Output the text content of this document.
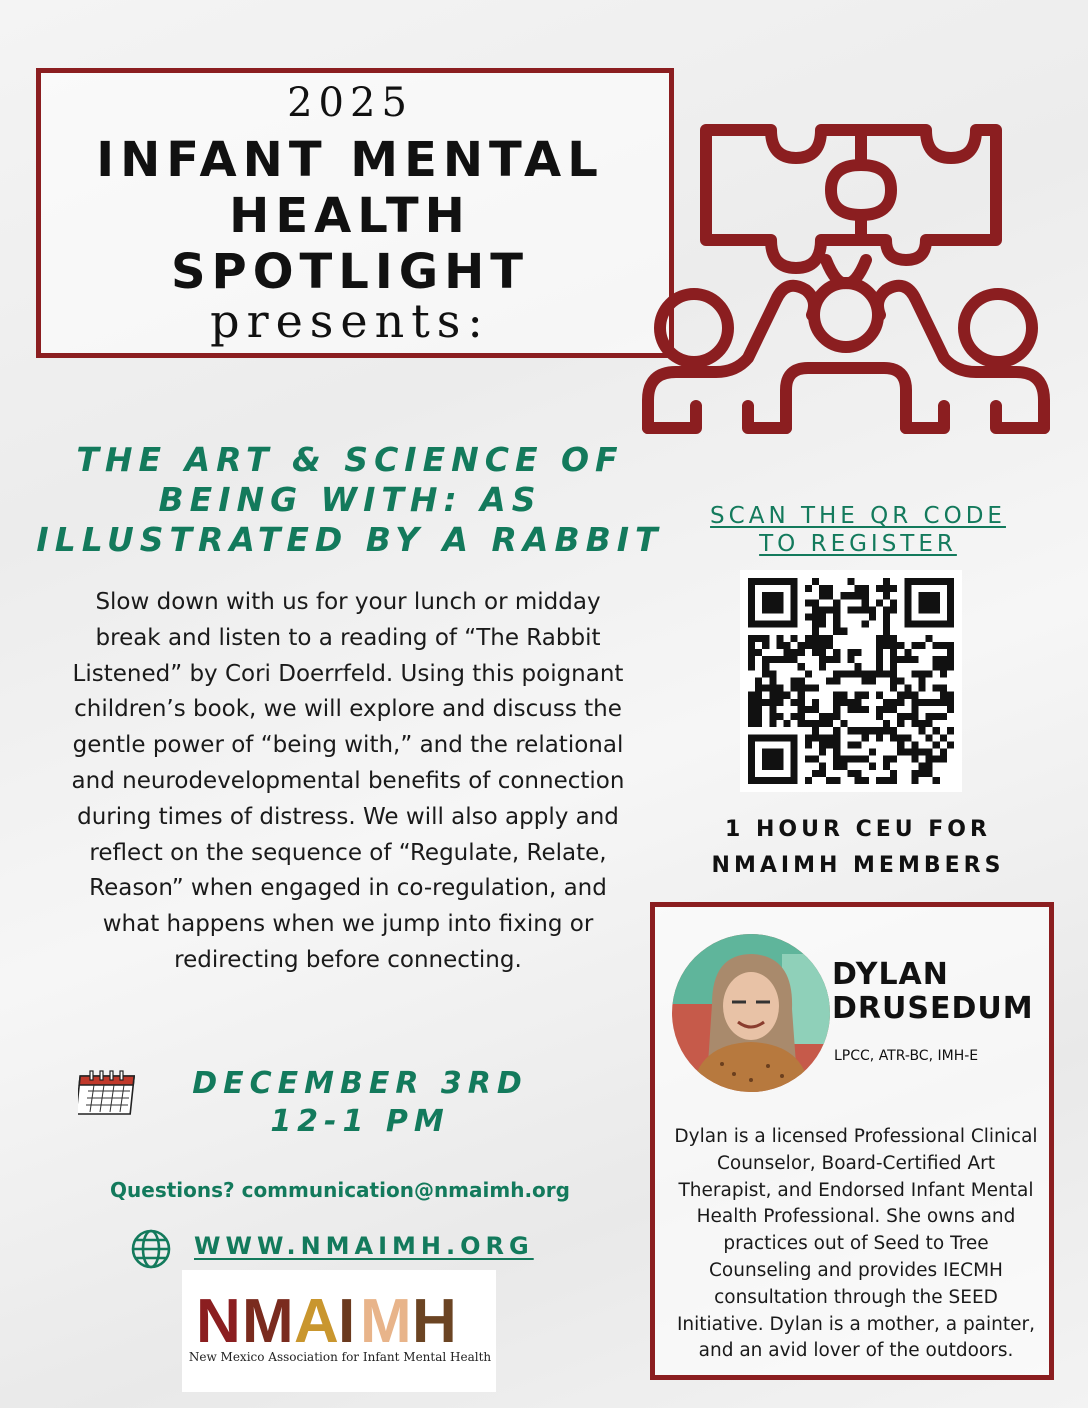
2025
INFANT MENTAL
HEALTH
SPOTLIGHT
presents:
THE ART & SCIENCE OF
BEING WITH: AS
ILLUSTRATED BY A RABBIT
Slow down with us for your lunch or midday break and listen to a reading of “The Rabbit Listened” by Cori Doerrfeld. Using this poignant children’s book, we will explore and discuss the gentle power of “being with,” and the relational and neurodevelopmental benefits of connection during times of distress. We will also apply and reflect on the sequence of “Regulate, Relate, Reason” when engaged in co-regulation, and what happens when we jump into fixing or redirecting before connecting.
DECEMBER 3RD
12-1 PM
Questions? communication@nmaimh.org
WWW.NMAIMH.ORG
N M A I M H
New Mexico Association for Infant Mental Health
SCAN THE QR CODE
TO REGISTER
1 HOUR CEU FOR
NMAIMH MEMBERS
DYLAN
DRUSEDUM
LPCC, ATR-BC, IMH-E
Dylan is a licensed Professional Clinical Counselor, Board-Certified Art Therapist, and Endorsed Infant Mental Health Professional. She owns and practices out of Seed to Tree Counseling and provides IECMH consultation through the SEED Initiative. Dylan is a mother, a painter, and an avid lover of the outdoors.
